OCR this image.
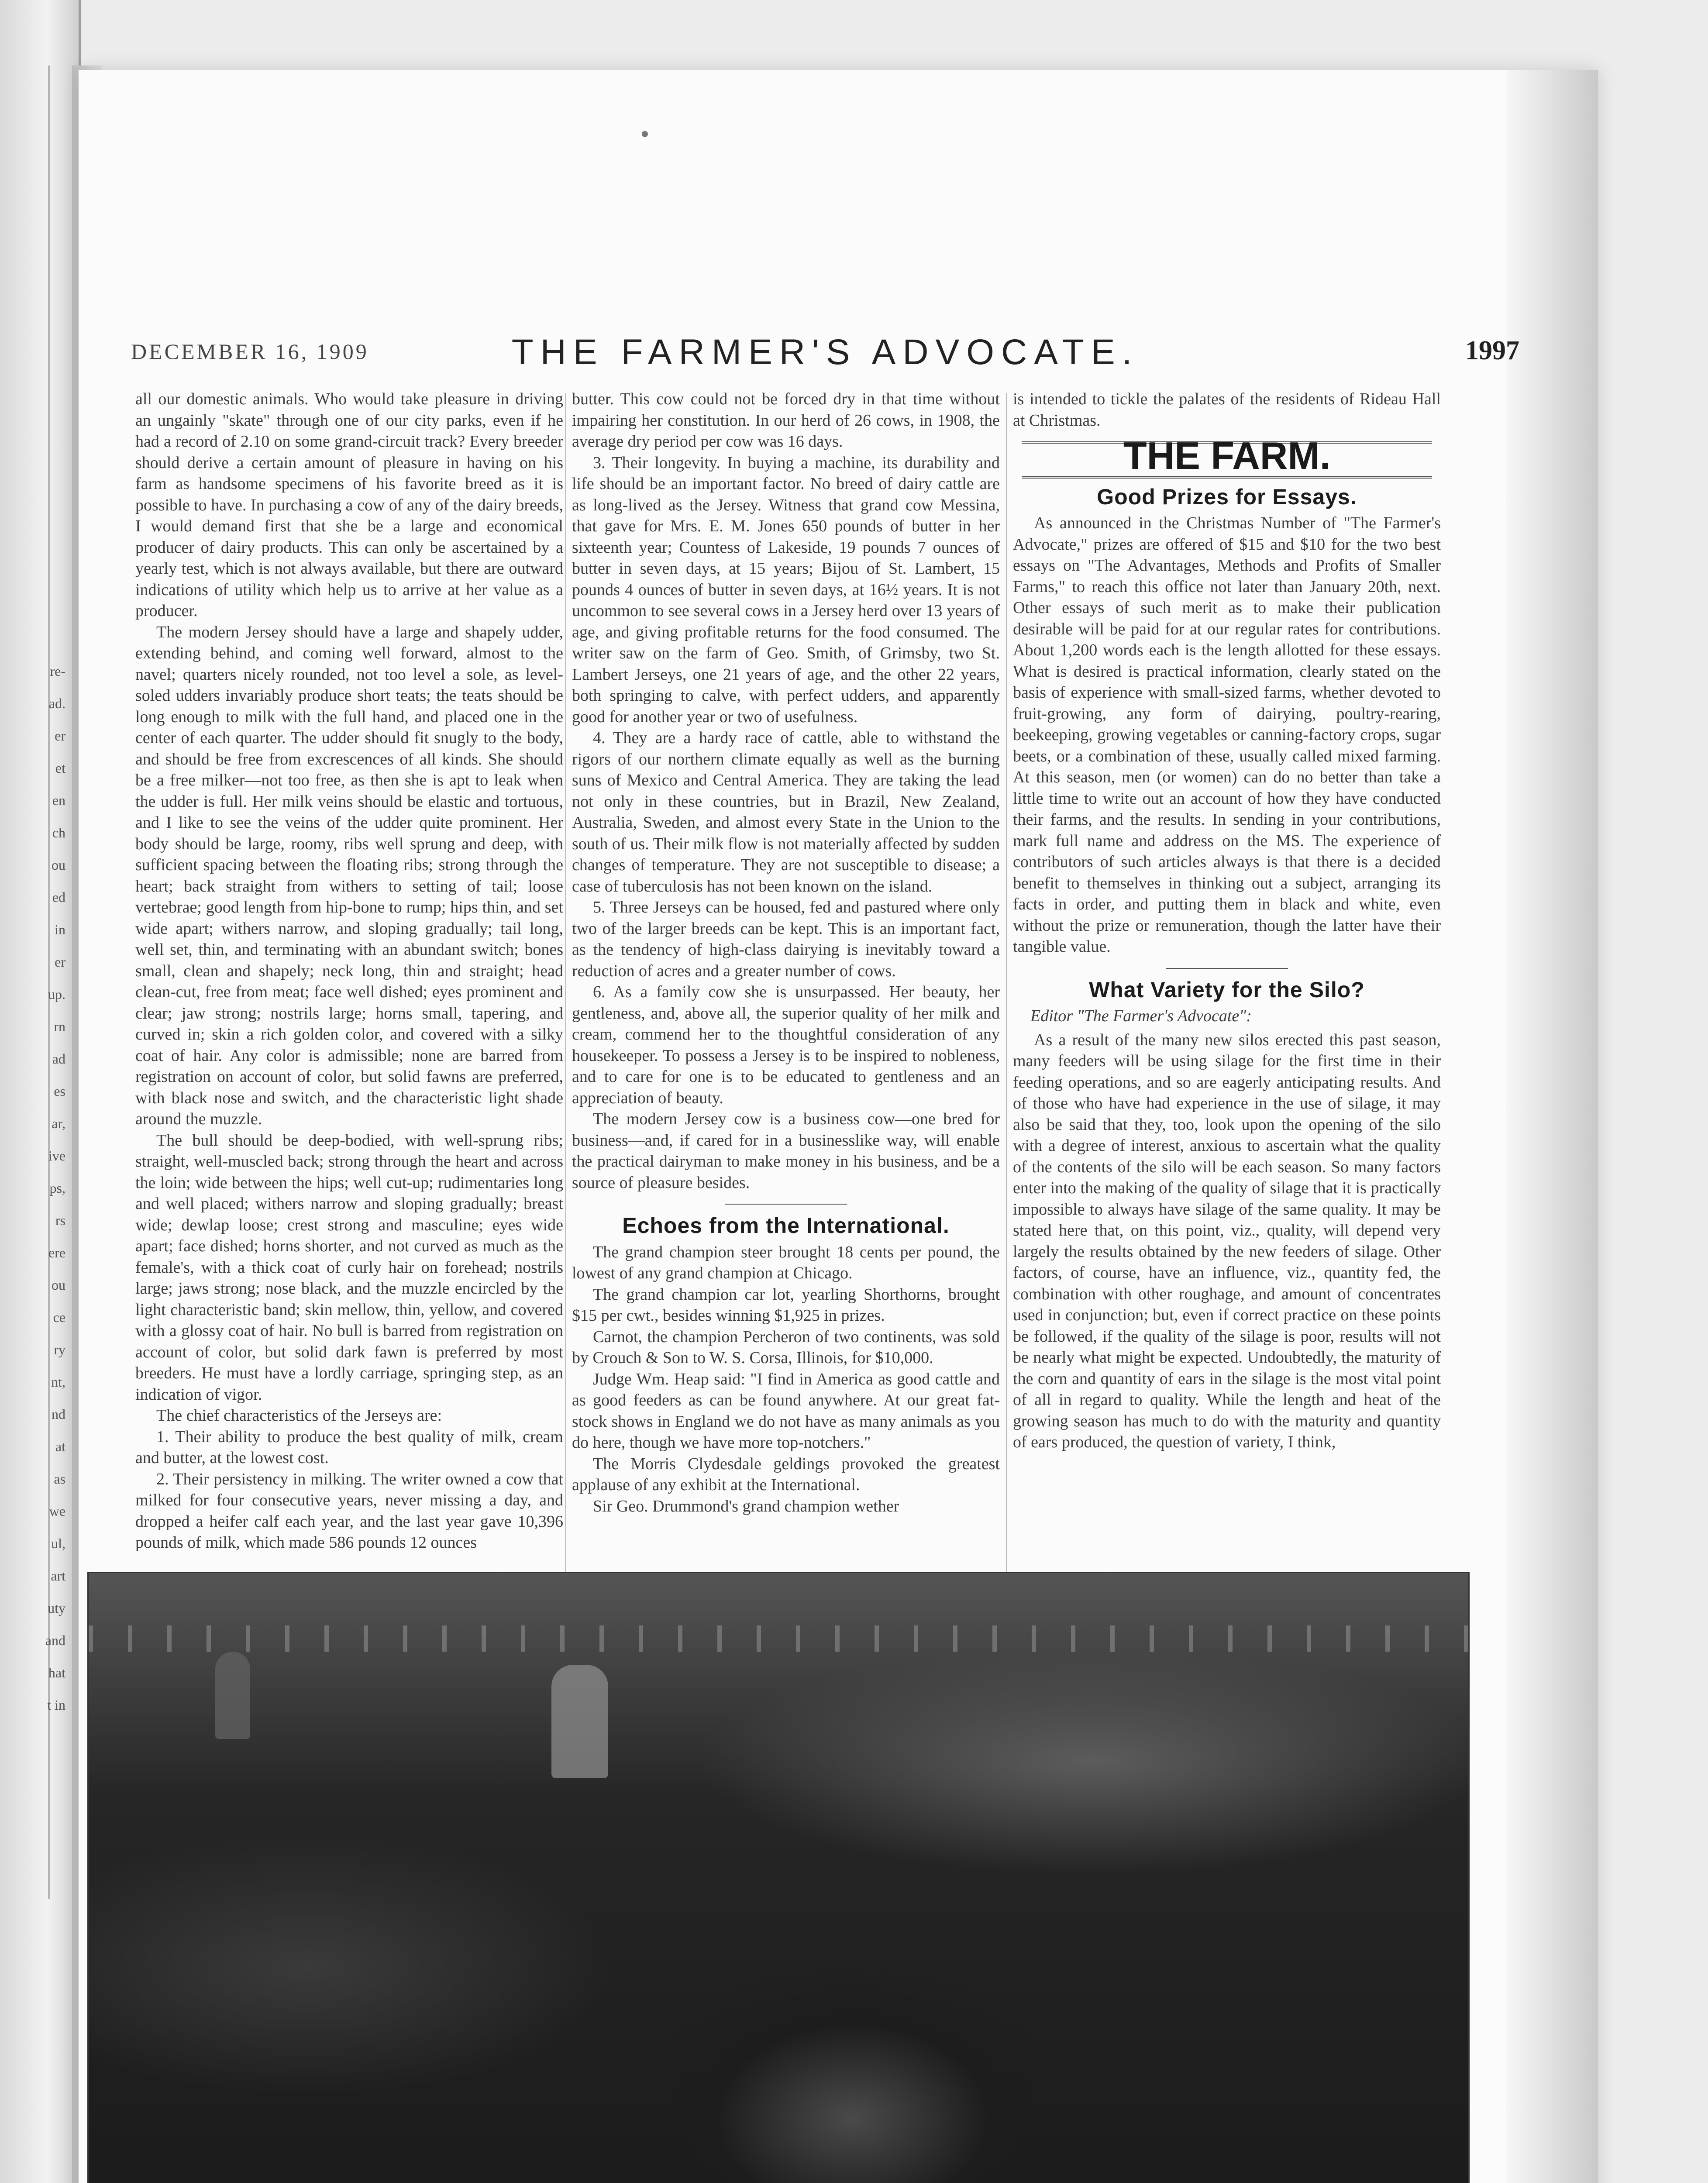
re-
ad.
er
et
en
ch
ou
ed
in
er
up.
rn
ad
es
ar,
ive
ps,
rs
ere
ou
ce
ry
nt,
nd
at
as
we
ul,
art
uty
and
hat
t in
DECEMBER 16, 1909	THE FARMER'S ADVOCATE.	1997

all our domestic animals. Who would take pleasure in driving an ungainly "skate" through one of our city parks, even if he had a record of 2.10 on some grand-circuit track? Every breeder should derive a certain amount of pleasure in having on his farm as handsome specimens of his favorite breed as it is possible to have. In purchasing a cow of any of the dairy breeds, I would demand first that she be a large and economical producer of dairy products. This can only be ascertained by a yearly test, which is not always available, but there are outward indications of utility which help us to arrive at her value as a producer.

The modern Jersey should have a large and shapely udder, extending behind, and coming well forward, almost to the navel; quarters nicely rounded, not too level a sole, as level-soled udders invariably produce short teats; the teats should be long enough to milk with the full hand, and placed one in the center of each quarter. The udder should fit snugly to the body, and should be free from excrescences of all kinds. She should be a free milker—not too free, as then she is apt to leak when the udder is full. Her milk veins should be elastic and tortuous, and I like to see the veins of the udder quite prominent. Her body should be large, roomy, ribs well sprung and deep, with sufficient spacing between the floating ribs; strong through the heart; back straight from withers to setting of tail; loose vertebrae; good length from hip-bone to rump; hips thin, and set wide apart; withers narrow, and sloping gradually; tail long, well set, thin, and terminating with an abundant switch; bones small, clean and shapely; neck long, thin and straight; head clean-cut, free from meat; face well dished; eyes prominent and clear; jaw strong; nostrils large; horns small, tapering, and curved in; skin a rich golden color, and covered with a silky coat of hair. Any color is admissible; none are barred from registration on account of color, but solid fawns are preferred, with black nose and switch, and the characteristic light shade around the muzzle.

The bull should be deep-bodied, with well-sprung ribs; straight, well-muscled back; strong through the heart and across the loin; wide between the hips; well cut-up; rudimentaries long and well placed; withers narrow and sloping gradually; breast wide; dewlap loose; crest strong and masculine; eyes wide apart; face dished; horns shorter, and not curved as much as the female's, with a thick coat of curly hair on forehead; nostrils large; jaws strong; nose black, and the muzzle encircled by the light characteristic band; skin mellow, thin, yellow, and covered with a glossy coat of hair. No bull is barred from registration on account of color, but solid dark fawn is preferred by most breeders. He must have a lordly carriage, springing step, as an indication of vigor.

The chief characteristics of the Jerseys are:

1. Their ability to produce the best quality of milk, cream and butter, at the lowest cost.

2. Their persistency in milking. The writer owned a cow that milked for four consecutive years, never missing a day, and dropped a heifer calf each year, and the last year gave 10,396 pounds of milk, which made 586 pounds 12 ounces

butter. This cow could not be forced dry in that time without impairing her constitution. In our herd of 26 cows, in 1908, the average dry period per cow was 16 days.

3. Their longevity. In buying a machine, its durability and life should be an important factor. No breed of dairy cattle are as long-lived as the Jersey. Witness that grand cow Messina, that gave for Mrs. E. M. Jones 650 pounds of butter in her sixteenth year; Countess of Lakeside, 19 pounds 7 ounces of butter in seven days, at 15 years; Bijou of St. Lambert, 15 pounds 4 ounces of butter in seven days, at 16½ years. It is not uncommon to see several cows in a Jersey herd over 13 years of age, and giving profitable returns for the food consumed. The writer saw on the farm of Geo. Smith, of Grimsby, two St. Lambert Jerseys, one 21 years of age, and the other 22 years, both springing to calve, with perfect udders, and apparently good for another year or two of usefulness.

4. They are a hardy race of cattle, able to withstand the rigors of our northern climate equally as well as the burning suns of Mexico and Central America. They are taking the lead not only in these countries, but in Brazil, New Zealand, Australia, Sweden, and almost every State in the Union to the south of us. Their milk flow is not materially affected by sudden changes of temperature. They are not susceptible to disease; a case of tuberculosis has not been known on the island.

5. Three Jerseys can be housed, fed and pastured where only two of the larger breeds can be kept. This is an important fact, as the tendency of high-class dairying is inevitably toward a reduction of acres and a greater number of cows.

6. As a family cow she is unsurpassed. Her beauty, her gentleness, and, above all, the superior quality of her milk and cream, commend her to the thoughtful consideration of any housekeeper. To possess a Jersey is to be inspired to nobleness, and to care for one is to be educated to gentleness and an appreciation of beauty.

The modern Jersey cow is a business cow—one bred for business—and, if cared for in a businesslike way, will enable the practical dairyman to make money in his business, and be a source of pleasure besides.

Echoes from the International.

The grand champion steer brought 18 cents per pound, the lowest of any grand champion at Chicago.

The grand champion car lot, yearling Shorthorns, brought $15 per cwt., besides winning $1,925 in prizes.

Carnot, the champion Percheron of two continents, was sold by Crouch & Son to W. S. Corsa, Illinois, for $10,000.

Judge Wm. Heap said: "I find in America as good cattle and as good feeders as can be found anywhere. At our great fat-stock shows in England we do not have as many animals as you do here, though we have more top-notchers."

The Morris Clydesdale geldings provoked the greatest applause of any exhibit at the International.

Sir Geo. Drummond's grand champion wether

is intended to tickle the palates of the residents of Rideau Hall at Christmas.

THE FARM.
Good Prizes for Essays.

As announced in the Christmas Number of "The Farmer's Advocate," prizes are offered of $15 and $10 for the two best essays on "The Advantages, Methods and Profits of Smaller Farms," to reach this office not later than January 20th, next. Other essays of such merit as to make their publication desirable will be paid for at our regular rates for contributions. About 1,200 words each is the length allotted for these essays. What is desired is practical information, clearly stated on the basis of experience with small-sized farms, whether devoted to fruit-growing, any form of dairying, poultry-rearing, beekeeping, growing vegetables or canning-factory crops, sugar beets, or a combination of these, usually called mixed farming. At this season, men (or women) can do no better than take a little time to write out an account of how they have conducted their farms, and the results. In sending in your contributions, mark full name and address on the MS. The experience of contributors of such articles always is that there is a decided benefit to themselves in thinking out a subject, arranging its facts in order, and putting them in black and white, even without the prize or remuneration, though the latter have their tangible value.

What Variety for the Silo?

Editor "The Farmer's Advocate":

As a result of the many new silos erected this past season, many feeders will be using silage for the first time in their feeding operations, and so are eagerly anticipating results. And of those who have had experience in the use of silage, it may also be said that they, too, look upon the opening of the silo with a degree of interest, anxious to ascertain what the quality of the contents of the silo will be each season. So many factors enter into the making of the quality of silage that it is practically impossible to always have silage of the same quality. It may be stated here that, on this point, viz., quality, will depend very largely the results obtained by the new feeders of silage. Other factors, of course, have an influence, viz., quantity fed, the combination with other roughage, and amount of concentrates used in conjunction; but, even if correct practice on these points be followed, if the quality of the silage is poor, results will not be nearly what might be expected. Undoubtedly, the maturity of the corn and quantity of ears in the silage is the most vital point of all in regard to quality. While the length and heat of the growing season has much to do with the maturity and quantity of ears produced, the question of variety, I think,
